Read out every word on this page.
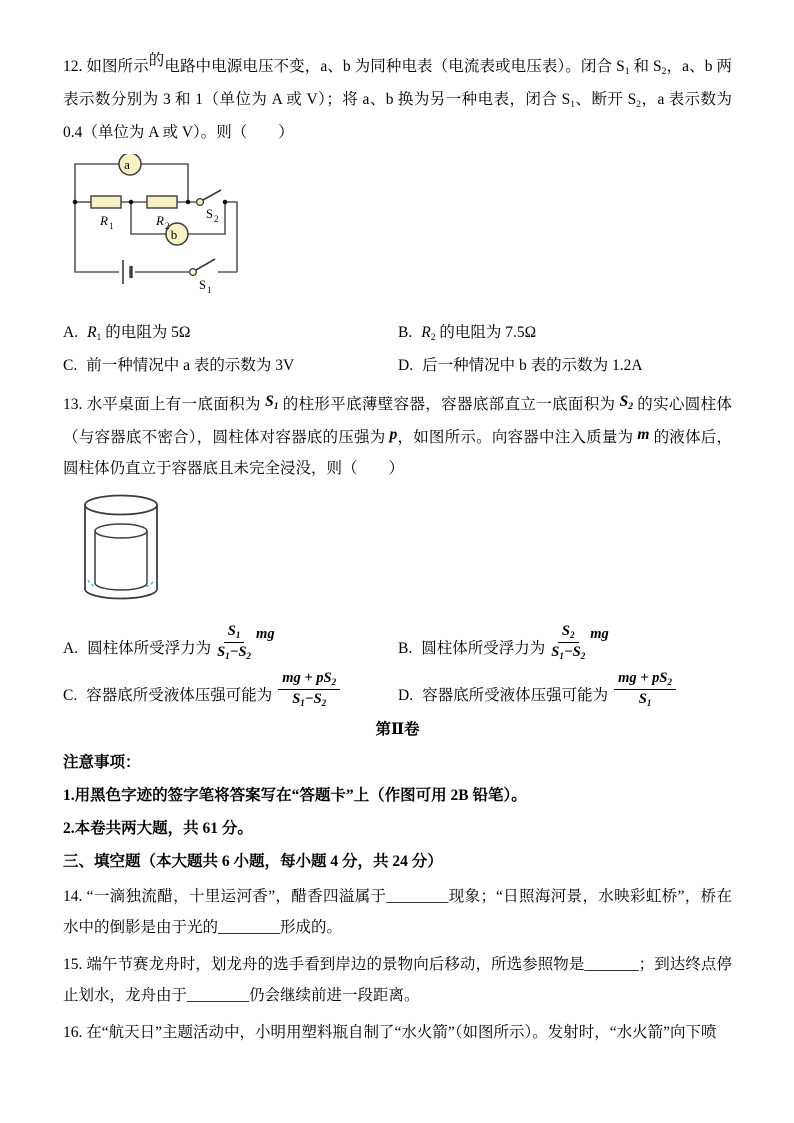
12. 如图所示的电路中电源电压不变，a、b 为同种电表（电流表或电压表）。闭合 S1 和 S2，a、b 两表示数分别为 3 和 1（单位为 A 或 V）；将 a、b 换为另一种电表，闭合 S1、断开 S2，a 表示数为 0.4（单位为 A 或 V）。则（　　）
a
b
R 1	R 2
S 2
S 1
A. R1 的电阻为 5Ω	B. R2 的电阻为 7.5Ω
C. 前一种情况中 a 表的示数为 3V	D. 后一种情况中 b 表的示数为 1.2A
13. 水平桌面上有一底面积为 S1 的柱形平底薄壁容器，容器底部直立一底面积为 S2 的实心圆柱体（与容器底不密合），圆柱体对容器底的压强为 p，如图所示。向容器中注入质量为 m 的液体后，圆柱体仍直立于容器底且未完全浸没，则（　　）
A. 圆柱体所受浮力为 $\frac{S1}{S1-S2}$ mg
B. 圆柱体所受浮力为 $\frac{S2}{S1-S2}$ mg
C. 容器底所受液体压强可能为 $\frac{mg + pS2}{S1-S2}$	D. 容器底所受液体压强可能为 $\frac{mg + pS2}{S1}$
第Ⅱ卷
注意事项：
1.用黑色字迹的签字笔将答案写在“答题卡”上（作图可用 2B 铅笔）。
2.本卷共两大题，共 61 分。
三、填空题（本大题共 6 小题，每小题 4 分，共 24 分）
14. “一滴独流醋，十里运河香”，醋香四溢属于________现象；“日照海河景，水映彩虹桥”，桥在水中的倒影是由于光的________形成的。
15. 端午节赛龙舟时，划龙舟的选手看到岸边的景物向后移动，所选参照物是_______；到达终点停止划水，龙舟由于________仍会继续前进一段距离。
16. 在“航天日”主题活动中，小明用塑料瓶自制了“水火箭”（如图所示）。发射时，“水火箭”向下喷
